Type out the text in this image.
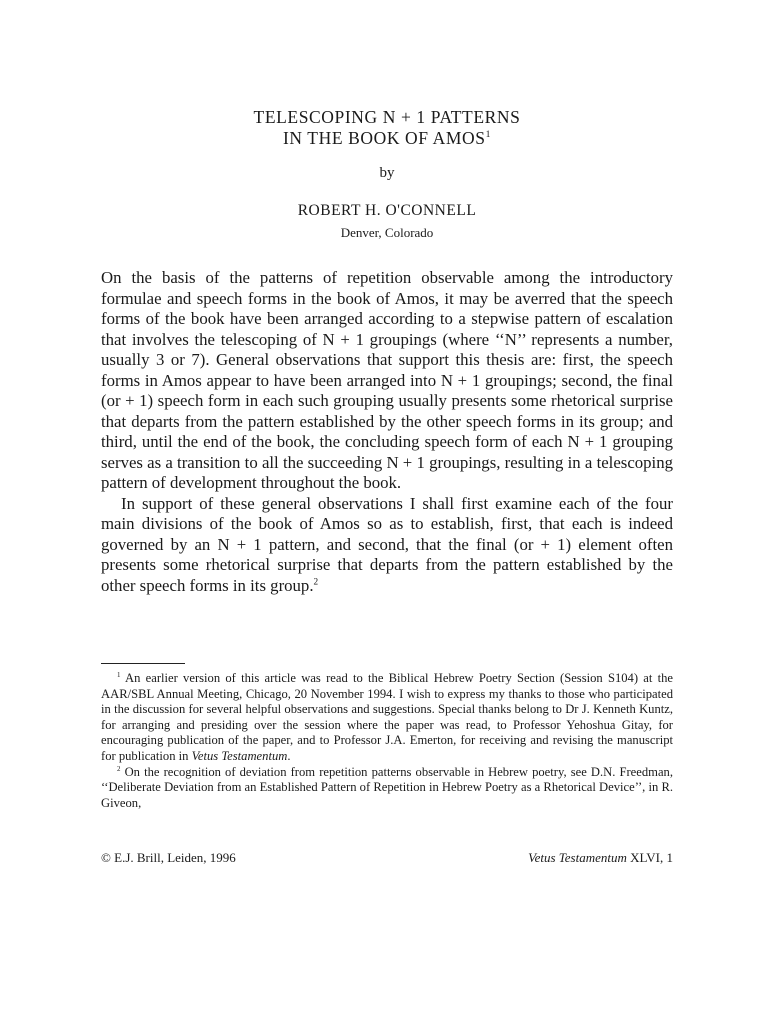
TELESCOPING N + 1 PATTERNS
IN THE BOOK OF AMOS$^1$

by

ROBERT H. O'CONNELL

Denver, Colorado

On the basis of the patterns of repetition observable among the introductory formulae and speech forms in the book of Amos, it may be averred that the speech forms of the book have been arranged according to a stepwise pattern of escalation that involves the telescoping of N + 1 groupings (where ‘‘N’’ represents a number, usually 3 or 7). General observations that support this thesis are: first, the speech forms in Amos appear to have been arranged into N + 1 groupings; second, the final (or + 1) speech form in each such grouping usually presents some rhetorical surprise that departs from the pattern established by the other speech forms in its group; and third, until the end of the book, the concluding speech form of each N + 1 grouping serves as a transition to all the succeeding N + 1 groupings, resulting in a telescoping pattern of development throughout the book.

In support of these general observations I shall first examine each of the four main divisions of the book of Amos so as to establish, first, that each is indeed governed by an N + 1 pattern, and second, that the final (or + 1) element often presents some rhetorical surprise that departs from the pattern established by the other speech forms in its group.$^2$

$^1$ An earlier version of this article was read to the Biblical Hebrew Poetry Section (Session S104) at the AAR/SBL Annual Meeting, Chicago, 20 November 1994. I wish to express my thanks to those who participated in the discussion for several helpful observations and suggestions. Special thanks belong to Dr J. Kenneth Kuntz, for arranging and presiding over the session where the paper was read, to Professor Yehoshua Gitay, for encouraging publication of the paper, and to Professor J.A. Emerton, for receiving and revising the manuscript for publication in Vetus Testamentum.

$^2$ On the recognition of deviation from repetition patterns observable in Hebrew poetry, see D.N. Freedman, ‘‘Deliberate Deviation from an Established Pattern of Repetition in Hebrew Poetry as a Rhetorical Device’’, in R. Giveon,

© E.J. Brill, Leiden, 1996	Vetus Testamentum XLVI, 1
